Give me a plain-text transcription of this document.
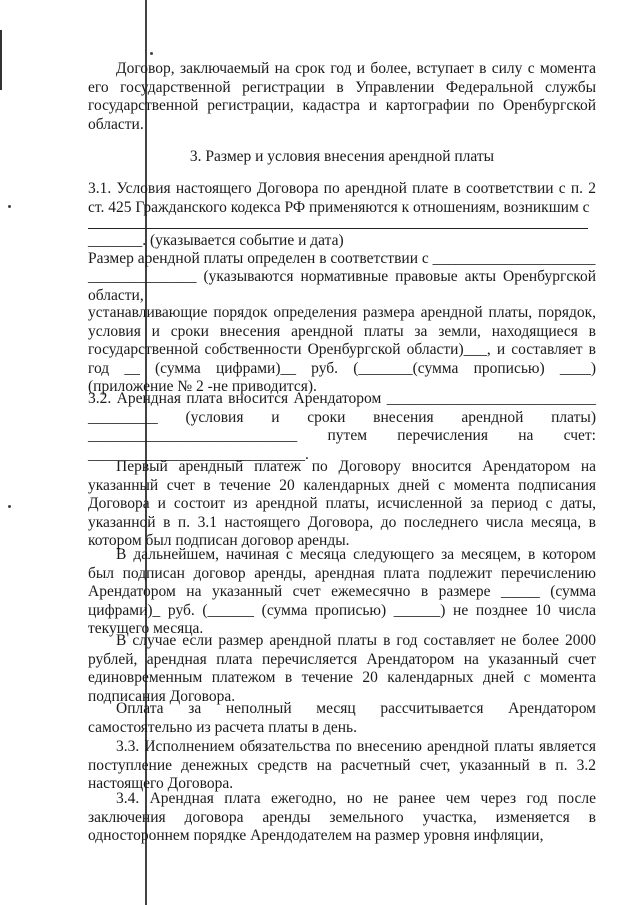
Договор, заключаемый на срок год и более, вступает в силу с момента его государственной регистрации в Управлении Федеральной службы государственной регистрации, кадастра и картографии по Оренбургской области.

3. Размер и условия внесения арендной платы

3.1. Условия настоящего Договора по арендной плате в соответствии с п. 2 ст. 425 Гражданского кодекса РФ применяются к отношениям, возникшим с

_______. (указывается событие и дата)

Размер арендной платы определен в соответствии с _____________________

______________ (указываются нормативные правовые акты Оренбургской области,

устанавливающие порядок определения размера арендной платы, порядок, условия и сроки внесения арендной платы за земли, находящиеся в государственной собственности Оренбургской области)___, и составляет в год __ (сумма цифрами)__ руб. (_______(сумма прописью) ____) (приложение № 2 -не приводится).

3.2. Арендная плата вносится Арендатором ___________________________ _________ (условия и сроки внесения арендной платы) ___________________________ путем перечисления на счет: ____________________________.

Первый арендный платеж по Договору вносится Арендатором на указанный счет в течение 20 календарных дней с момента подписания Договора и состоит из арендной платы, исчисленной за период с даты, указанной в п. 3.1 настоящего Договора, до последнего числа месяца, в котором был подписан договор аренды.

В дальнейшем, начиная с месяца следующего за месяцем, в котором был подписан договор аренды, арендная плата подлежит перечислению Арендатором на указанный счет ежемесячно в размере _____ (сумма цифрами)_ руб. (______ (сумма прописью) ______) не позднее 10 числа текущего месяца.

В случае если размер арендной платы в год составляет не более 2000 рублей, арендная плата перечисляется Арендатором на указанный счет единовременным платежом в течение 20 календарных дней с момента подписания Договора.

Оплата за неполный месяц рассчитывается Арендатором самостоятельно из расчета платы в день.

3.3. Исполнением обязательства по внесению арендной платы является поступление денежных средств на расчетный счет, указанный в п. 3.2 настоящего Договора.

3.4. Арендная плата ежегодно, но не ранее чем через год после заключения договора аренды земельного участка, изменяется в одностороннем порядке Арендодателем на размер уровня инфляции,
